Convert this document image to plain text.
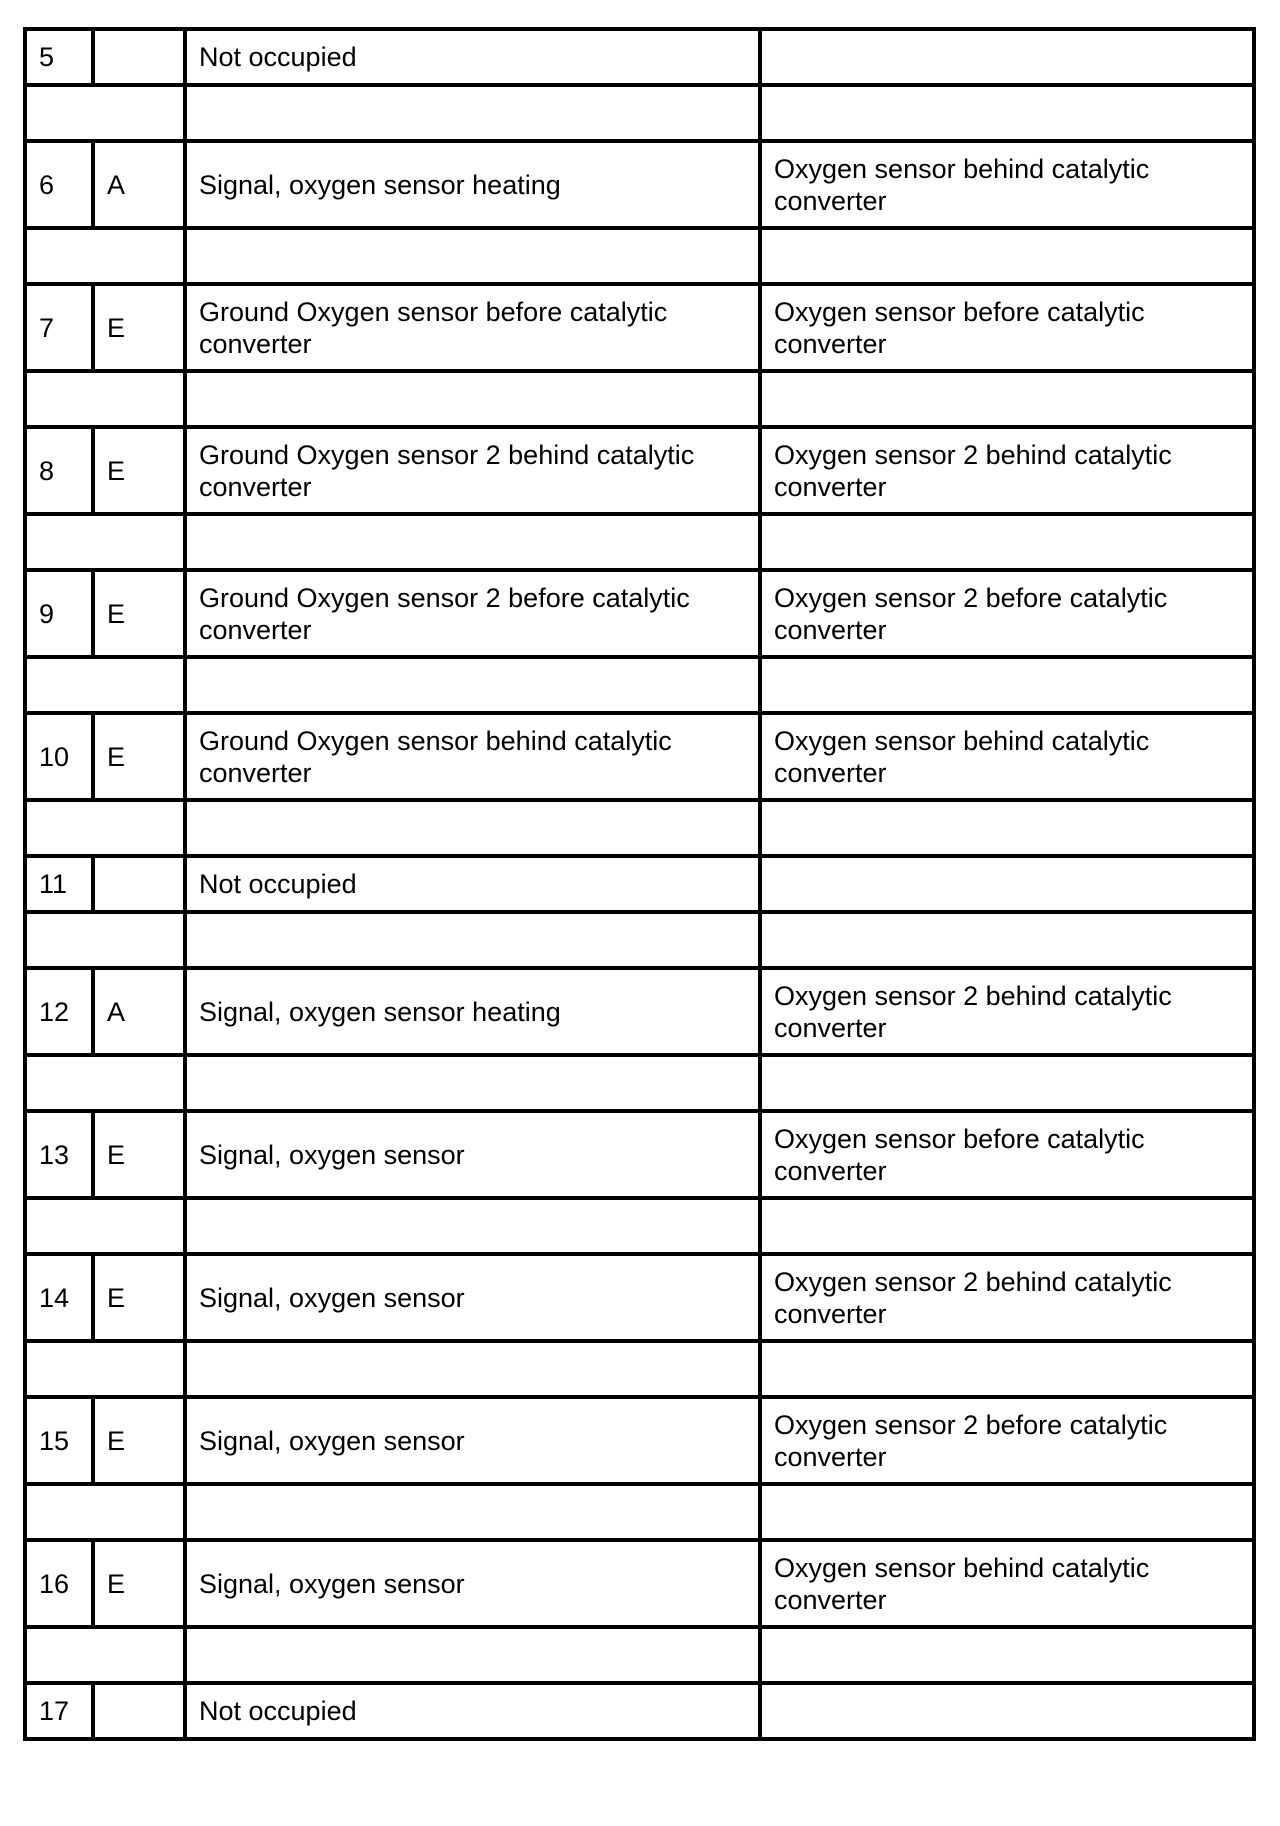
5		Not occupied	

6	A	Signal, oxygen sensor heating	Oxygen sensor behind catalytic converter

7	E	Ground Oxygen sensor before catalytic converter	Oxygen sensor before catalytic converter

8	E	Ground Oxygen sensor 2 behind catalytic converter	Oxygen sensor 2 behind catalytic converter

9	E	Ground Oxygen sensor 2 before catalytic converter	Oxygen sensor 2 before catalytic converter

10	E	Ground Oxygen sensor behind catalytic converter	Oxygen sensor behind catalytic converter

11		Not occupied	

12	A	Signal, oxygen sensor heating	Oxygen sensor 2 behind catalytic converter

13	E	Signal, oxygen sensor	Oxygen sensor before catalytic converter

14	E	Signal, oxygen sensor	Oxygen sensor 2 behind catalytic converter

15	E	Signal, oxygen sensor	Oxygen sensor 2 before catalytic converter

16	E	Signal, oxygen sensor	Oxygen sensor behind catalytic converter

17		Not occupied	
